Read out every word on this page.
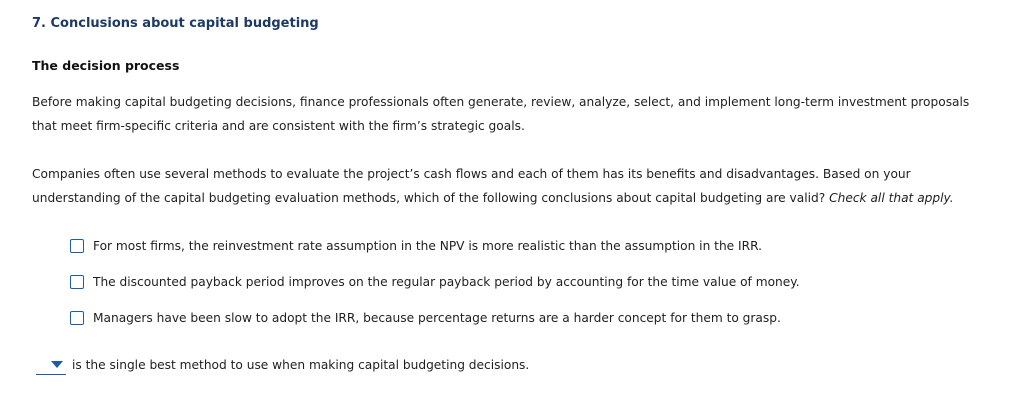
7. Conclusions about capital budgeting
The decision process
Before making capital budgeting decisions, finance professionals often generate, review, analyze, select, and implement long-term investment proposals that meet firm-specific criteria and are consistent with the firm’s strategic goals.
Companies often use several methods to evaluate the project’s cash flows and each of them has its benefits and disadvantages. Based on your understanding of the capital budgeting evaluation methods, which of the following conclusions about capital budgeting are valid? Check all that apply.
For most firms, the reinvestment rate assumption in the NPV is more realistic than the assumption in the IRR.
The discounted payback period improves on the regular payback period by accounting for the time value of money.
Managers have been slow to adopt the IRR, because percentage returns are a harder concept for them to grasp.
is the single best method to use when making capital budgeting decisions.
